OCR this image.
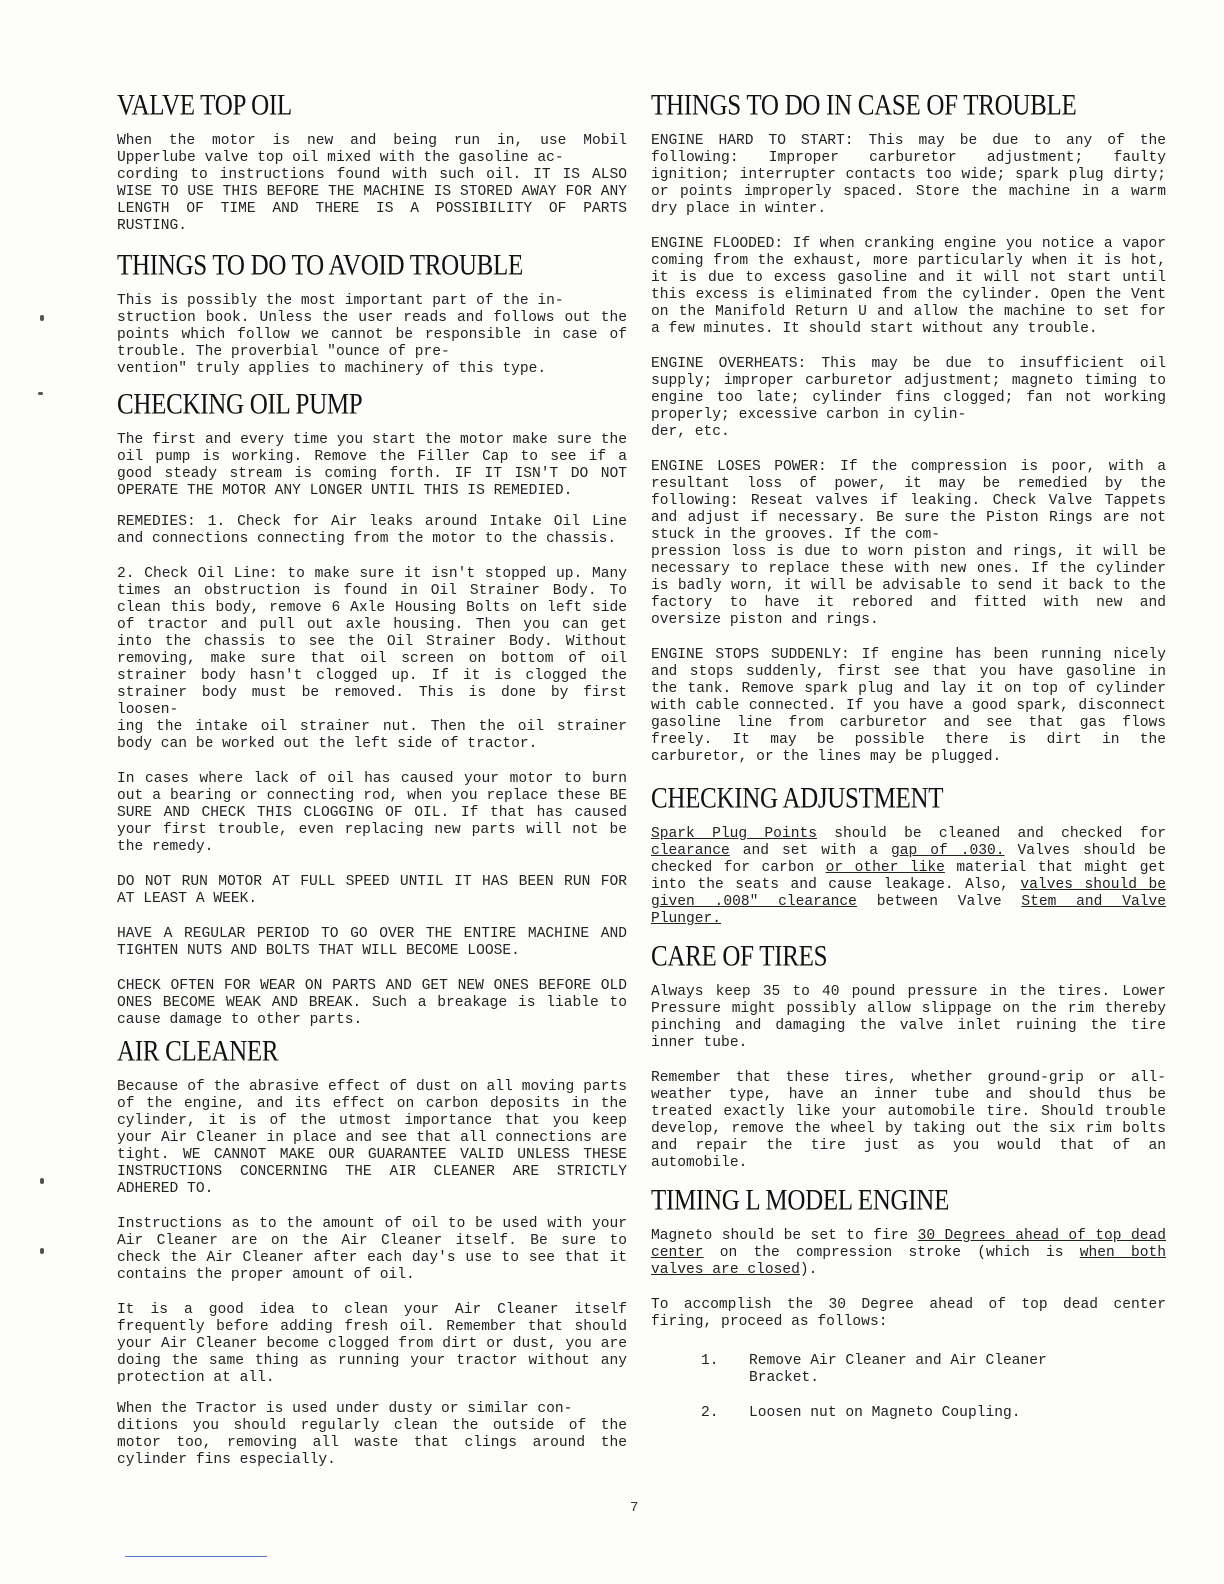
VALVE TOP OIL

When the motor is new and being run in, use Mobil Upperlube valve top oil mixed with the gasoline ac-
cording to instructions found with such oil. IT IS ALSO WISE TO USE THIS BEFORE THE MACHINE IS STORED AWAY FOR ANY LENGTH OF TIME AND THERE IS A POSSIBILITY OF PARTS RUSTING.

THINGS TO DO TO AVOID TROUBLE

This is possibly the most important part of the in-
struction book. Unless the user reads and follows out the points which follow we cannot be responsible in case of trouble. The proverbial "ounce of pre-
vention" truly applies to machinery of this type.

CHECKING OIL PUMP

The first and every time you start the motor make sure the oil pump is working. Remove the Filler Cap to see if a good steady stream is coming forth. IF IT ISN'T DO NOT OPERATE THE MOTOR ANY LONGER UNTIL THIS IS REMEDIED.

REMEDIES: 1. Check for Air leaks around Intake Oil Line and connections connecting from the motor to the chassis.

2. Check Oil Line: to make sure it isn't stopped up. Many times an obstruction is found in Oil Strainer Body. To clean this body, remove 6 Axle Housing Bolts on left side of tractor and pull out axle housing. Then you can get into the chassis to see the Oil Strainer Body. Without removing, make sure that oil screen on bottom of oil strainer body hasn't clogged up. If it is clogged the strainer body must be removed. This is done by first loosen-
ing the intake oil strainer nut. Then the oil strainer body can be worked out the left side of tractor.

In cases where lack of oil has caused your motor to burn out a bearing or connecting rod, when you replace these BE SURE AND CHECK THIS CLOGGING OF OIL. If that has caused your first trouble, even replacing new parts will not be the remedy.

DO NOT RUN MOTOR AT FULL SPEED UNTIL IT HAS BEEN RUN FOR AT LEAST A WEEK.

HAVE A REGULAR PERIOD TO GO OVER THE ENTIRE MACHINE AND TIGHTEN NUTS AND BOLTS THAT WILL BECOME LOOSE.

CHECK OFTEN FOR WEAR ON PARTS AND GET NEW ONES BEFORE OLD ONES BECOME WEAK AND BREAK. Such a breakage is liable to cause damage to other parts.

AIR CLEANER

Because of the abrasive effect of dust on all moving parts of the engine, and its effect on carbon deposits in the cylinder, it is of the utmost importance that you keep your Air Cleaner in place and see that all connections are tight. WE CANNOT MAKE OUR GUARANTEE VALID UNLESS THESE INSTRUCTIONS CONCERNING THE AIR CLEANER ARE STRICTLY ADHERED TO.

Instructions as to the amount of oil to be used with your Air Cleaner are on the Air Cleaner itself. Be sure to check the Air Cleaner after each day's use to see that it contains the proper amount of oil.

It is a good idea to clean your Air Cleaner itself frequently before adding fresh oil. Remember that should your Air Cleaner become clogged from dirt or dust, you are doing the same thing as running your tractor without any protection at all.

When the Tractor is used under dusty or similar con-
ditions you should regularly clean the outside of the motor too, removing all waste that clings around the cylinder fins especially.

THINGS TO DO IN CASE OF TROUBLE

ENGINE HARD TO START: This may be due to any of the following: Improper carburetor adjustment; faulty ignition; interrupter contacts too wide; spark plug dirty; or points improperly spaced. Store the machine in a warm dry place in winter.

ENGINE FLOODED: If when cranking engine you notice a vapor coming from the exhaust, more particularly when it is hot, it is due to excess gasoline and it will not start until this excess is eliminated from the cylinder. Open the Vent on the Manifold Return U and allow the machine to set for a few minutes. It should start without any trouble.

ENGINE OVERHEATS: This may be due to insufficient oil supply; improper carburetor adjustment; magneto timing to engine too late; cylinder fins clogged; fan not working properly; excessive carbon in cylin-
der, etc.

ENGINE LOSES POWER: If the compression is poor, with a resultant loss of power, it may be remedied by the following: Reseat valves if leaking. Check Valve Tappets and adjust if necessary. Be sure the Piston Rings are not stuck in the grooves. If the com-
pression loss is due to worn piston and rings, it will be necessary to replace these with new ones. If the cylinder is badly worn, it will be advisable to send it back to the factory to have it rebored and fitted with new and oversize piston and rings.

ENGINE STOPS SUDDENLY: If engine has been running nicely and stops suddenly, first see that you have gasoline in the tank. Remove spark plug and lay it on top of cylinder with cable connected. If you have a good spark, disconnect gasoline line from carburetor and see that gas flows freely. It may be possible there is dirt in the carburetor, or the lines may be plugged.

CHECKING ADJUSTMENT

Spark Plug Points should be cleaned and checked for clearance and set with a gap of .030. Valves should be checked for carbon or other like material that might get into the seats and cause leakage. Also, valves should be given .008" clearance between Valve Stem and Valve Plunger.

CARE OF TIRES

Always keep 35 to 40 pound pressure in the tires. Lower Pressure might possibly allow slippage on the rim thereby pinching and damaging the valve inlet ruining the tire inner tube.

Remember that these tires, whether ground-grip or all-weather type, have an inner tube and should thus be treated exactly like your automobile tire. Should trouble develop, remove the wheel by taking out the six rim bolts and repair the tire just as you would that of an automobile.

TIMING L MODEL ENGINE

Magneto should be set to fire 30 Degrees ahead of top dead center on the compression stroke (which is when both valves are closed).

To accomplish the 30 Degree ahead of top dead center firing, proceed as follows:

1.	Remove Air Cleaner and Air Cleaner Bracket.
2.	Loosen nut on Magneto Coupling.
7
